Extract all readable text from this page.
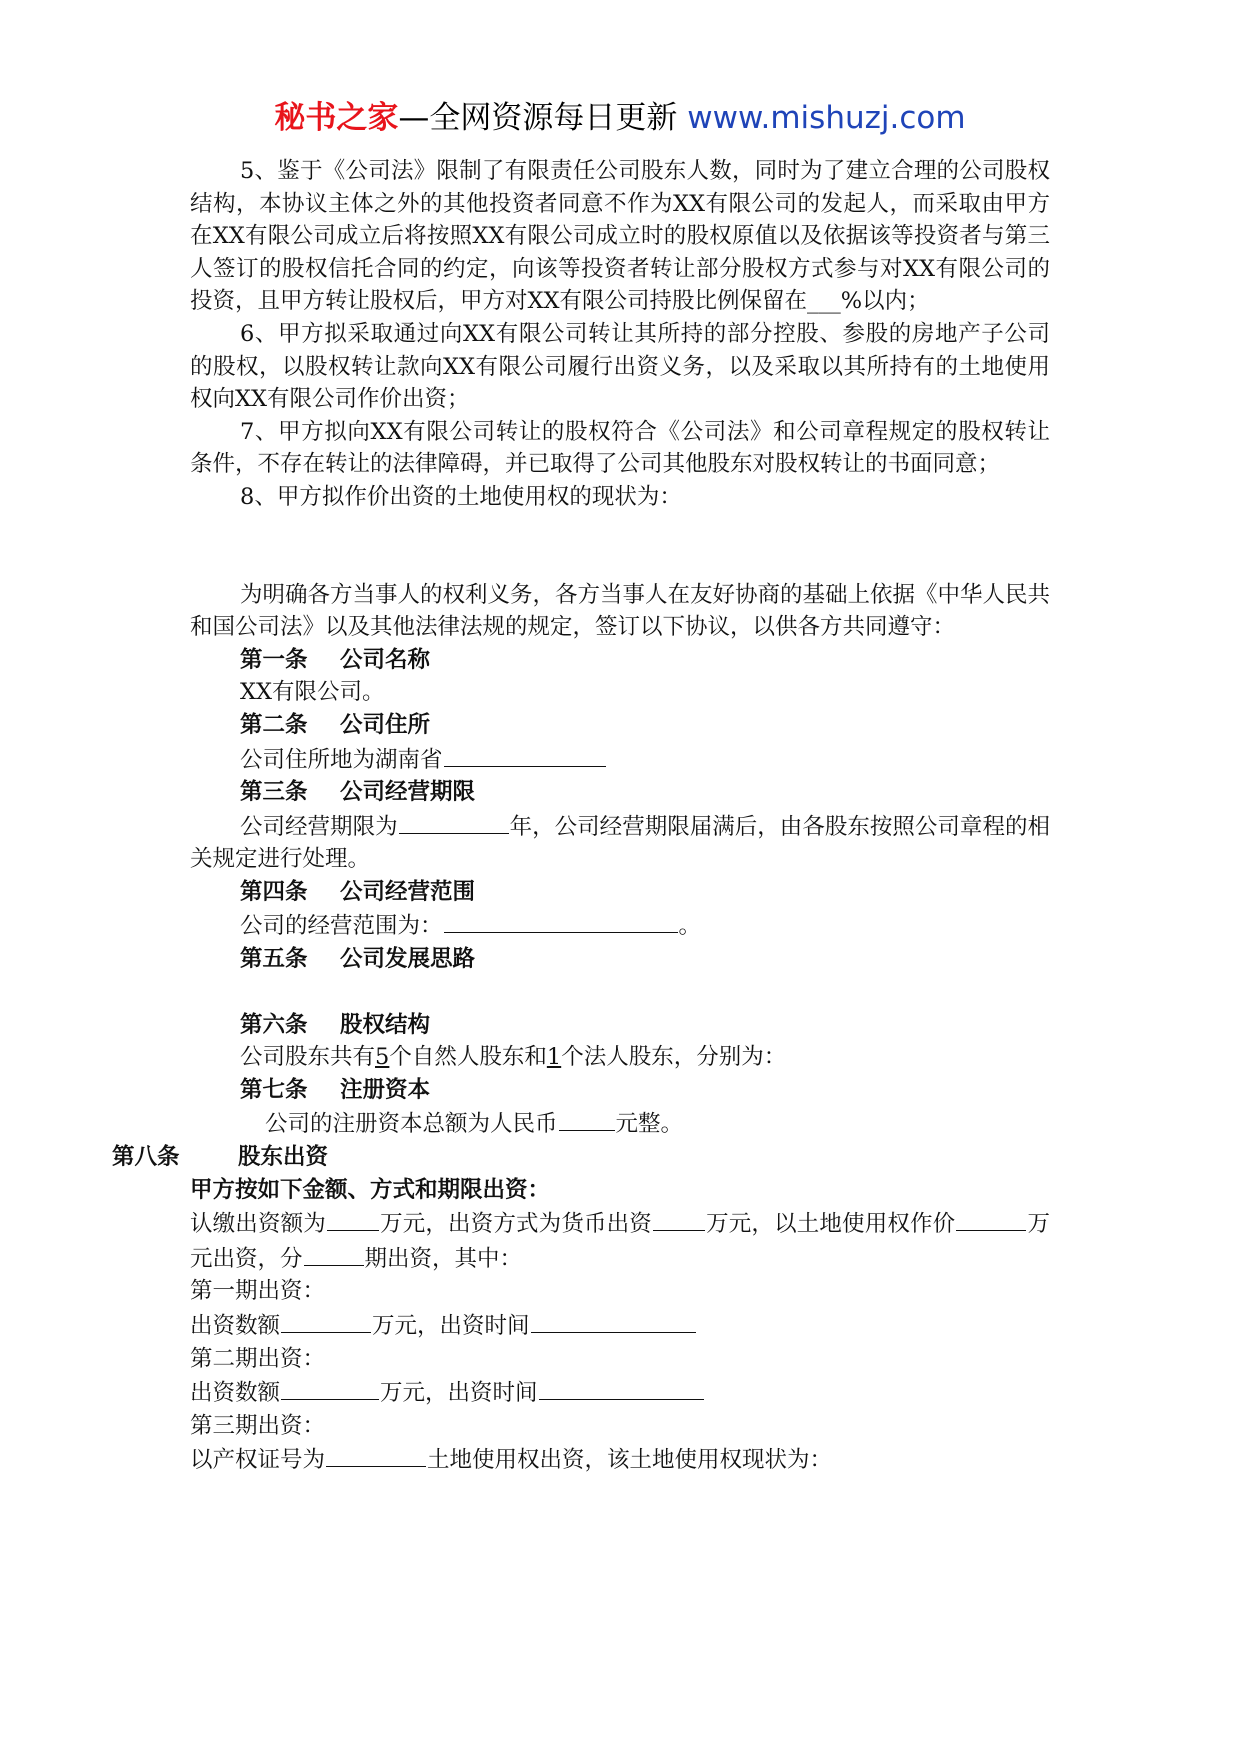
秘书之家—全网资源每日更新 www.mishuzj.com

5、鉴于《公司法》限制了有限责任公司股东人数，同时为了建立合理的公司股权结构，本协议主体之外的其他投资者同意不作为XX有限公司的发起人，而采取由甲方在XX有限公司成立后将按照XX有限公司成立时的股权原值以及依据该等投资者与第三人签订的股权信托合同的约定，向该等投资者转让部分股权方式参与对XX有限公司的投资，且甲方转让股权后，甲方对XX有限公司持股比例保留在___%以内；

6、甲方拟采取通过向XX有限公司转让其所持的部分控股、参股的房地产子公司的股权，以股权转让款向XX有限公司履行出资义务，以及采取以其所持有的土地使用权向XX有限公司作价出资；

7、甲方拟向XX有限公司转让的股权符合《公司法》和公司章程规定的股权转让条件，不存在转让的法律障碍，并已取得了公司其他股东对股权转让的书面同意；

8、甲方拟作价出资的土地使用权的现状为：

为明确各方当事人的权利义务，各方当事人在友好协商的基础上依据《中华人民共和国公司法》以及其他法律法规的规定，签订以下协议，以供各方共同遵守：

第一条 公司名称

XX有限公司。

第二条 公司住所

公司住所地为湖南省

第三条 公司经营期限

公司经营期限为	年，公司经营期限届满后，由各股东按照公司章程的相关规定进行处理。

第四条 公司经营范围

公司的经营范围为：	。

第五条 公司发展思路

第六条 股权结构

公司股东共有5个自然人股东和1个法人股东，分别为：

第七条 注册资本

公司的注册资本总额为人民币	元整。

第八条	股东出资

甲方按如下金额、方式和期限出资：

认缴出资额为 万元，出资方式为货币出资 万元，以土地使用权作价	万元出资，分	期出资，其中：

第一期出资：

出资数额	万元，出资时间

第二期出资：

出资数额	万元，出资时间

第三期出资：

以产权证号为	土地使用权出资，该土地使用权现状为：
